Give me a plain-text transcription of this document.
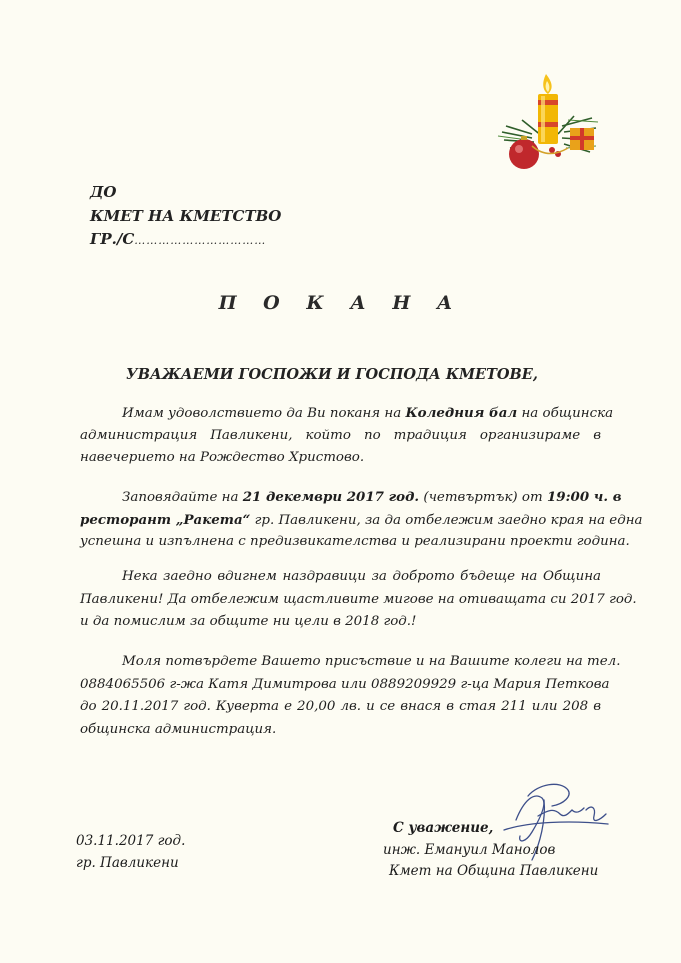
ДО
КМЕТ НА КМЕТСТВО
ГР./С……………………………
П О К А Н А
УВАЖАЕМИ ГОСПОЖИ И ГОСПОДА КМЕТОВЕ,
Имам удоволствието да Ви поканя на Коледния бал на общинска
администрация Павликени, който по традиция организираме в
навечерието на Рождество Христово.
Заповядайте на 21 декември 2017 год. (четвъртък) от 19:00 ч. в
ресторант „Ракета“ гр. Павликени, за да отбележим заедно края на една
успешна и изпълнена с предизвикателства и реализирани проекти година.
Нека заедно вдигнем наздравици за доброто бъдеще на Община
Павликени! Да отбележим щастливите мигове на отиващата си 2017 год.
и да помислим за общите ни цели в 2018 год.!
Моля потвърдете Вашето присъствие и на Вашите колеги на тел.
0884065506 г-жа Катя Димитрова или 0889209929 г-ца Мария Петкова
до 20.11.2017 год. Куверта е 20,00 лв. и се внася в стая 211 или 208 в
общинска администрация.
03.11.2017 год.
гр. Павликени
С уважение,
инж. Емануил Манолов
Кмет на Община Павликени
